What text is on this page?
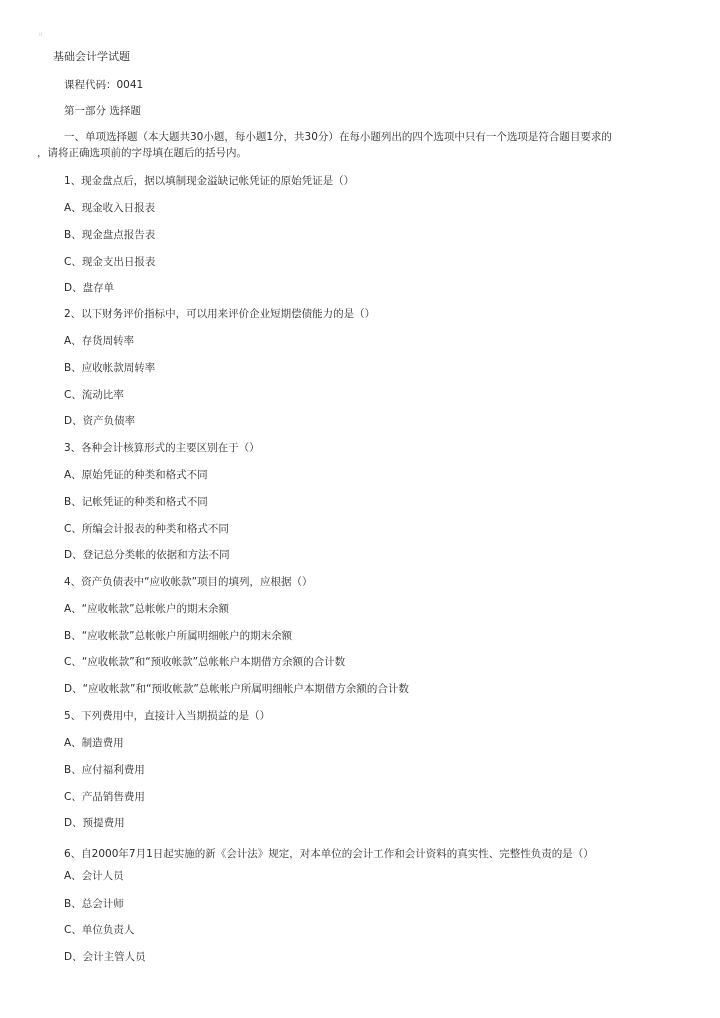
ıı
基础会计学试题
课程代码：0041
第一部分 选择题
一、单项选择题（本大题共30小题，每小题1分，共30分）在每小题列出的四个选项中只有一个选项是符合题目要求的
，请将正确选项前的字母填在题后的括号内。
1、现金盘点后，据以填制现金溢缺记帐凭证的原始凭证是（）
A、现金收入日报表
B、现金盘点报告表
C、现金支出日报表
D、盘存单
2、以下财务评价指标中，可以用来评价企业短期偿债能力的是（）
A、存货周转率
B、应收帐款周转率
C、流动比率
D、资产负债率
3、各种会计核算形式的主要区别在于（）
A、原始凭证的种类和格式不同
B、记帐凭证的种类和格式不同
C、所编会计报表的种类和格式不同
D、登记总分类帐的依据和方法不同
4、资产负债表中“应收帐款”项目的填列，应根据（）
A、“应收帐款”总帐帐户的期末余额
B、“应收帐款”总帐帐户所属明细帐户的期末余额
C、“应收帐款”和“预收帐款”总帐帐户本期借方余额的合计数
D、“应收帐款”和“预收帐款”总帐帐户所属明细帐户本期借方余额的合计数
5、下列费用中，直接计入当期损益的是（）
A、制造费用
B、应付福利费用
C、产品销售费用
D、预提费用
6、自2000年7月1日起实施的新《会计法》规定，对本单位的会计工作和会计资料的真实性、完整性负责的是（）
A、会计人员
B、总会计师
C、单位负责人
D、会计主管人员
